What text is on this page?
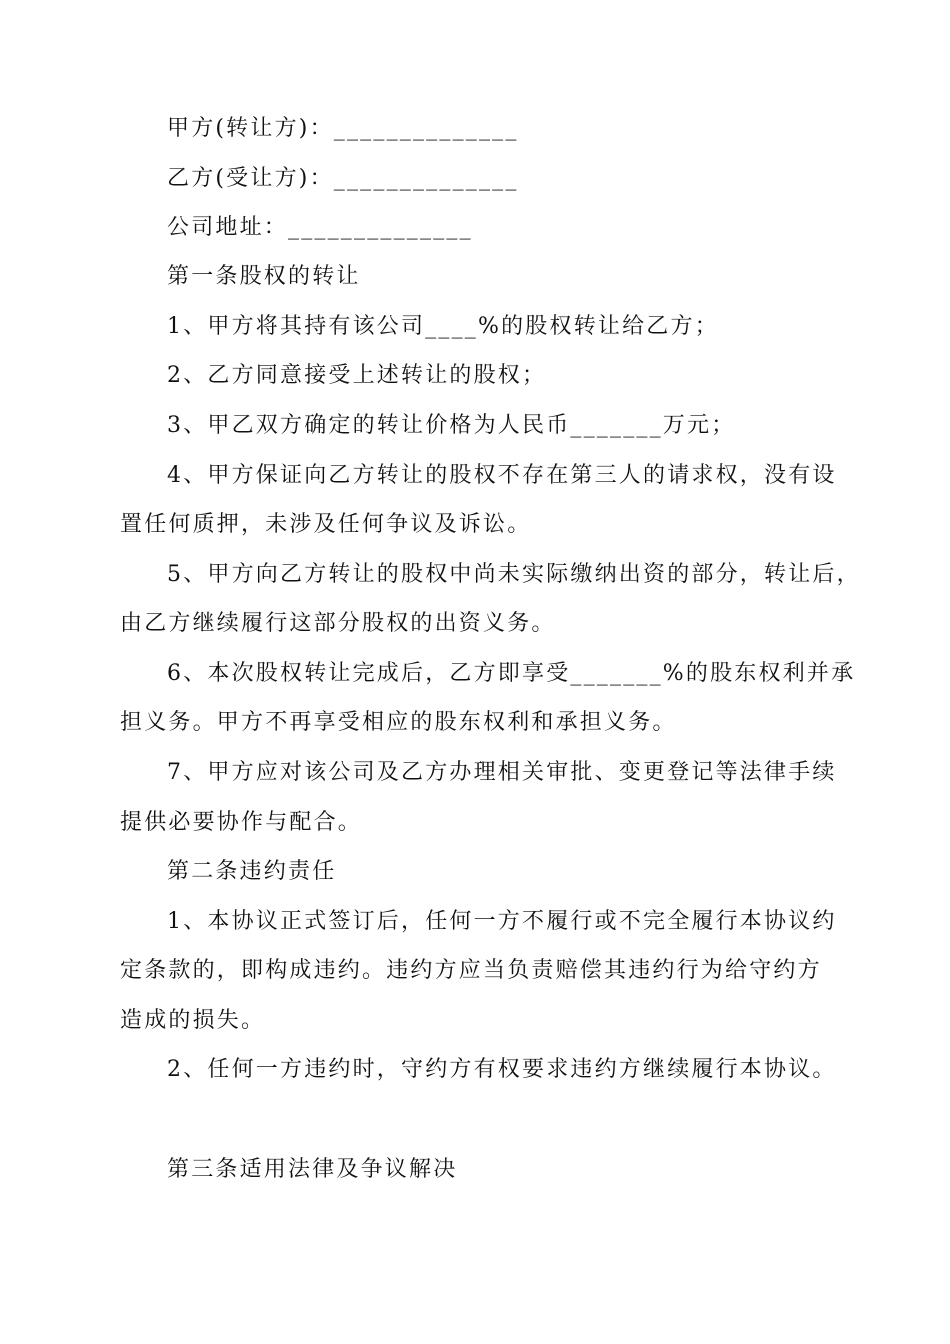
甲方(转让方)：______________
乙方(受让方)：______________
公司地址：______________
第一条股权的转让
1、甲方将其持有该公司____%的股权转让给乙方；
2、乙方同意接受上述转让的股权；
3、甲乙双方确定的转让价格为人民币_______万元；
4、甲方保证向乙方转让的股权不存在第三人的请求权，没有设
置任何质押，未涉及任何争议及诉讼。
5、甲方向乙方转让的股权中尚未实际缴纳出资的部分，转让后，
由乙方继续履行这部分股权的出资义务。
6、本次股权转让完成后，乙方即享受_______%的股东权利并承
担义务。甲方不再享受相应的股东权利和承担义务。
7、甲方应对该公司及乙方办理相关审批、变更登记等法律手续
提供必要协作与配合。
第二条违约责任
1、本协议正式签订后，任何一方不履行或不完全履行本协议约
定条款的，即构成违约。违约方应当负责赔偿其违约行为给守约方
造成的损失。
2、任何一方违约时，守约方有权要求违约方继续履行本协议。
第三条适用法律及争议解决
